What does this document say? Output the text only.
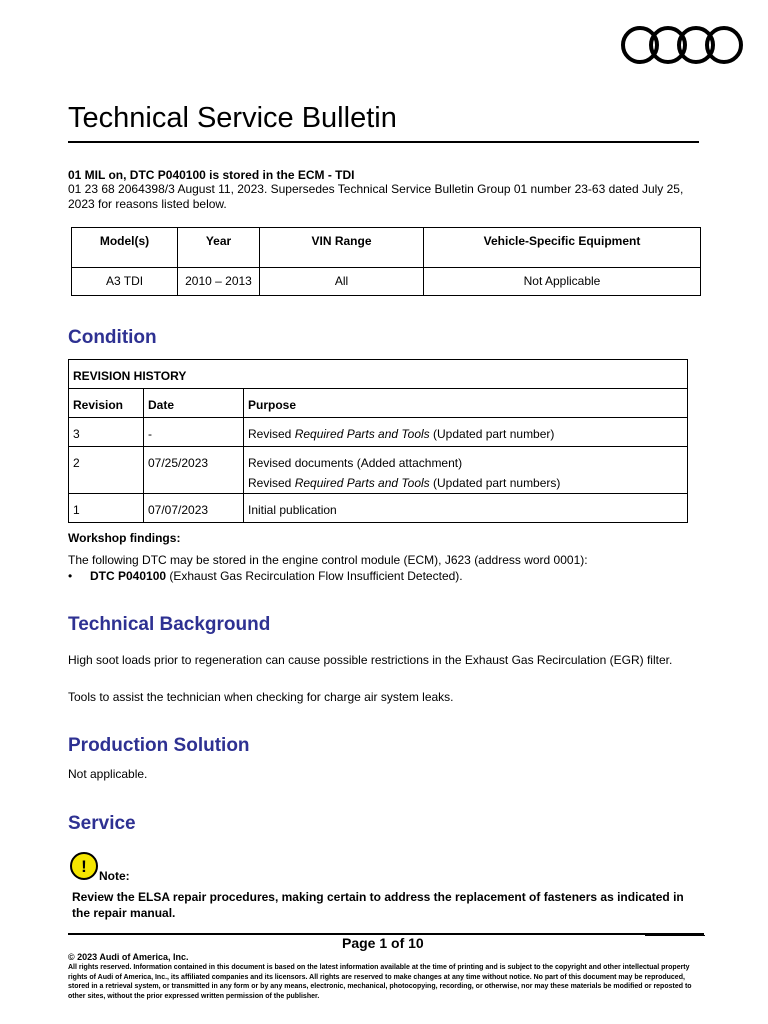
Technical Service Bulletin
01 MIL on, DTC P040100 is stored in the ECM - TDI
01 23 68 2064398/3 August 11, 2023. Supersedes Technical Service Bulletin Group 01 number 23-63 dated July 25, 2023 for reasons listed below.
Model(s)	Year	VIN Range	Vehicle-Specific Equipment
A3 TDI	2010 – 2013	All	Not Applicable
Condition
REVISION HISTORY		
Revision	Date	Purpose
3	-	Revised Required Parts and Tools (Updated part number)
2	07/25/2023	Revised documents (Added attachment)
Revised Required Parts and Tools (Updated part numbers)

1	07/07/2023	Initial publication
Workshop findings:
The following DTC may be stored in the engine control module (ECM), J623 (address word 0001):
• DTC P040100 (Exhaust Gas Recirculation Flow Insufficient Detected).
Technical Background
High soot loads prior to regeneration can cause possible restrictions in the Exhaust Gas Recirculation (EGR) filter.
Tools to assist the technician when checking for charge air system leaks.
Production Solution
Not applicable.
Service
! Note:
Review the ELSA repair procedures, making certain to address the replacement of fasteners as indicated in the repair manual.
Page 1 of 10
© 2023 Audi of America, Inc.
All rights reserved. Information contained in this document is based on the latest information available at the time of printing and is subject to the copyright and other intellectual property rights of Audi of America, Inc., its affiliated companies and its licensors. All rights are reserved to make changes at any time without notice. No part of this document may be reproduced, stored in a retrieval system, or transmitted in any form or by any means, electronic, mechanical, photocopying, recording, or otherwise, nor may these materials be modified or reposted to other sites, without the prior expressed written permission of the publisher.
